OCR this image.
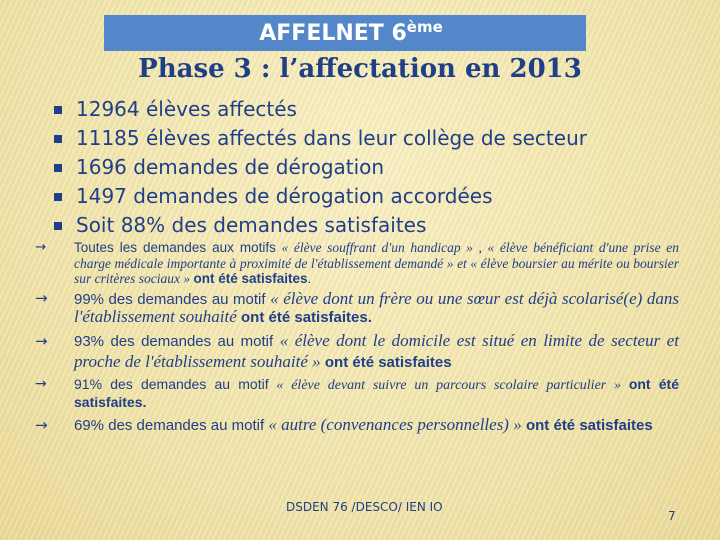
AFFELNET 6ème
Phase 3 : l’affectation en 2013
12964 élèves affectés
11185 élèves affectés dans leur collège de secteur
1696 demandes de dérogation
1497 demandes de dérogation accordées
Soit 88% des demandes satisfaites
→ Toutes les demandes aux motifs « élève souffrant d'un handicap » , « élève bénéficiant d'une prise en charge médicale importante à proximité de l'établissement demandé » et « élève boursier au mérite ou boursier sur critères sociaux » ont été satisfaites.
→ 99% des demandes au motif « élève dont un frère ou une sœur est déjà scolarisé(e) dans l'établissement souhaité ont été satisfaites.
→ 93% des demandes au motif « élève dont le domicile est situé en limite de secteur et proche de l'établissement souhaité » ont été satisfaites
→ 91% des demandes au motif « élève devant suivre un parcours scolaire particulier » ont été satisfaites.
→ 69% des demandes au motif « autre (convenances personnelles) » ont été satisfaites
DSDEN 76 /DESCO/ IEN IO
7
